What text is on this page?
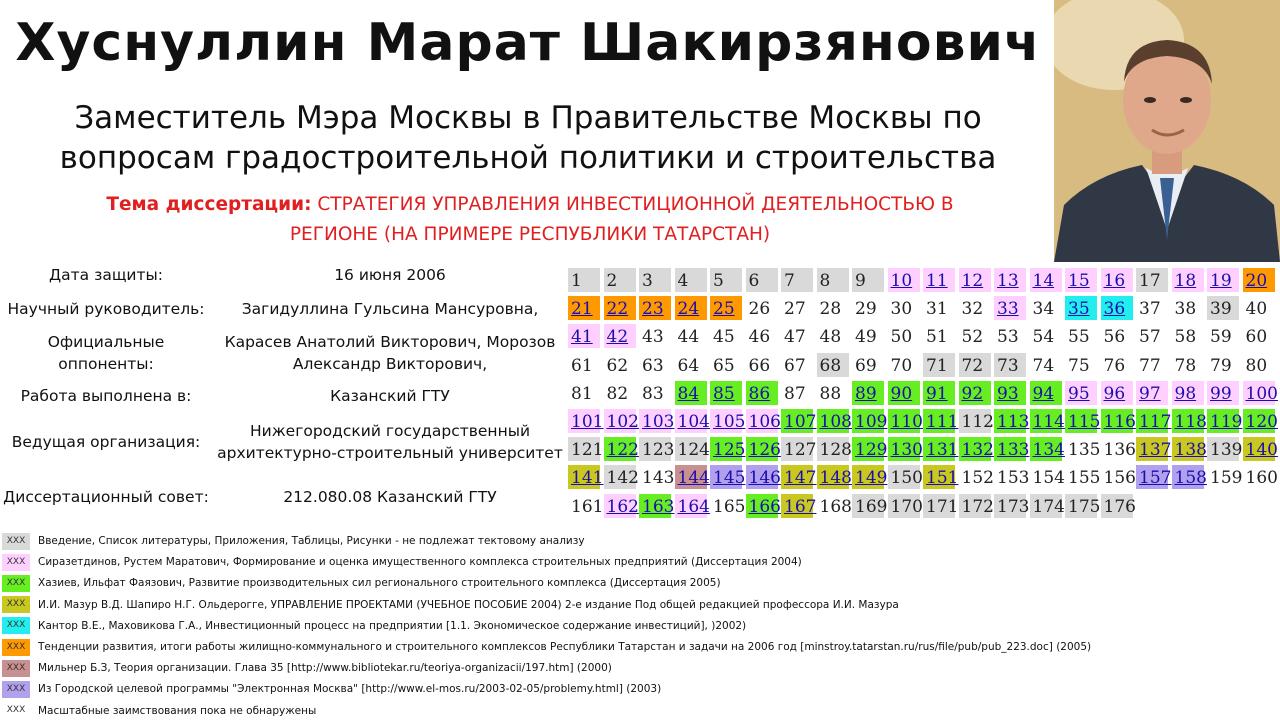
Хуснуллин Марат Шакирзянович
Заместитель Мэра Москвы в Правительстве Москвы по
вопросам градостроительной политики и строительства
Тема диссертации: СТРАТЕГИЯ УПРАВЛЕНИЯ ИНВЕСТИЦИОННОЙ ДЕЯТЕЛЬНОСТЬЮ В
РЕГИОНЕ (НА ПРИМЕРЕ РЕСПУБЛИКИ ТАТАРСТАН)
Дата защиты:	16 июня 2006
Научный руководитель:	Загидуллина Гульсина Мансуровна,
Официальные оппоненты:
Карасев Анатолий Викторович, Морозов Александр Викторович,
Работа выполнена в:	Казанский ГТУ
Ведущая организация:
Нижегородский государственный архитектурно-строительный университет
Диссертационный совет:	212.080.08 Казанский ГТУ
1	2	3	4	5	6	7	8	9	10 11 12 13 14 15 16 17 18 19 20
21 22 23 24 25 26 27 28 29 30 31 32 33 34 35 36 37 38 39 40
41 42 43 44 45 46 47 48 49 50 51 52 53 54 55 56 57 58 59 60
61 62 63 64 65 66 67 68 69 70 71 72 73 74 75 76 77 78 79 80
81 82 83 84 85 86 87 88 89 90 91 92 93 94 95 96 97 98 99 100
101 102 103 104 105 106 107 108 109 110 111 112 113 114 115 116 117 118 119 120
121 122 123 124 125 126 127 128 129 130 131 132 133 134 135 136 137 138 139 140
141 142 143 144 145 146 147 148 149 150 151 152 153 154 155 156 157 158 159 160
161 162 163 164 165 166 167 168 169 170 171 172 173 174 175 176
XXX	Введение, Список литературы, Приложения, Таблицы, Рисунки - не подлежат тектовому анализу
XXX	Сиразетдинов, Рустем Маратович, Формирование и оценка имущественного комплекса строительных предприятий (Диссертация 2004)
XXX	Хазиев, Ильфат Фаязович, Развитие производительных сил регионального строительного комплекса (Диссертация 2005)
XXX	И.И. Мазур В.Д. Шапиро Н.Г. Ольдерогге, УПРАВЛЕНИЕ ПРОЕКТАМИ (УЧЕБНОЕ ПОСОБИЕ 2004) 2-е издание Под общей редакцией профессора И.И. Мазура
XXX	Кантор В.Е., Маховикова Г.А., Инвестиционный процесс на предприятии [1.1. Экономическое содержание инвестиций], )2002)
XXX	Тенденции развития, итоги работы жилищно-коммунального и строительного комплексов Республики Татарстан и задачи на 2006 год [minstroy.tatarstan.ru/rus/file/pub/pub_223.doc] (2005)
XXX	Мильнер Б.З, Теория организации. Глава 35 [http://www.bibliotekar.ru/teoriya-organizacii/197.htm] (2000)
XXX	Из Городской целевой программы "Электронная Москва" [http://www.el-mos.ru/2003-02-05/problemy.html] (2003)
XXX	Масштабные заимствования пока не обнаружены
